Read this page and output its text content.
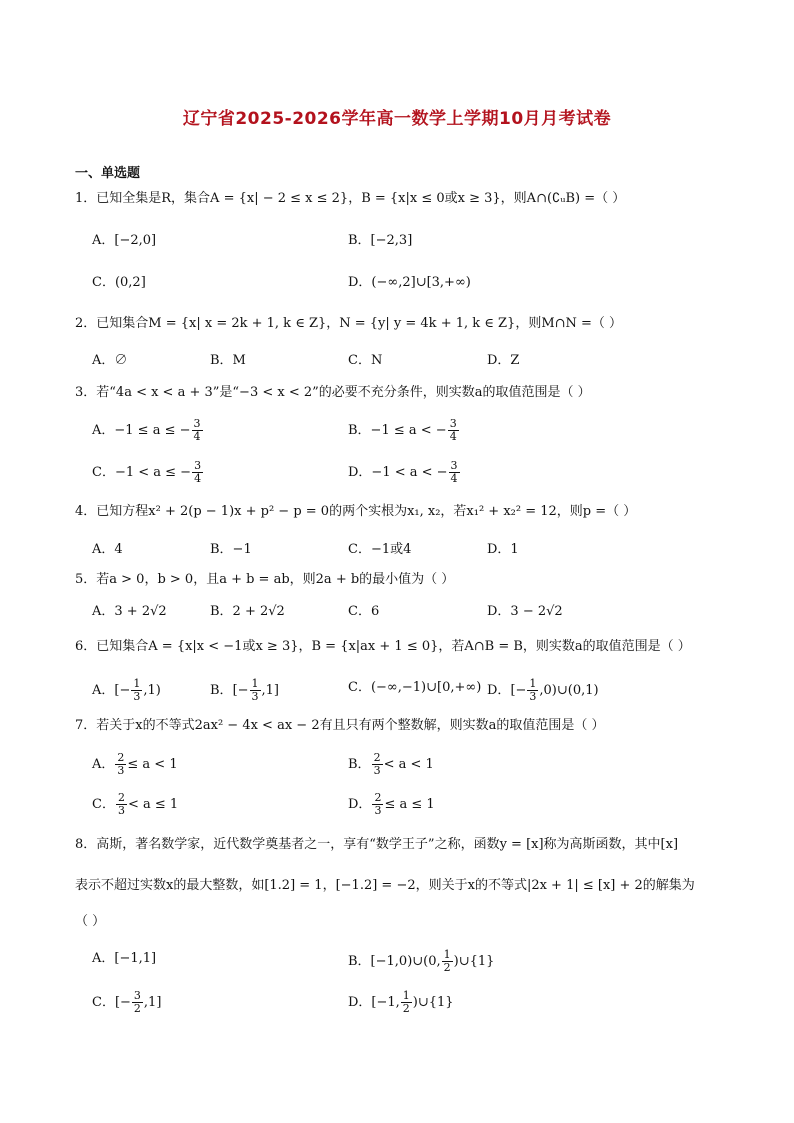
辽宁省2025-2026学年高一数学上学期10月月考试卷
一、单选题
1．已知全集是R，集合A = {x| − 2 ≤ x ≤ 2}，B = {x|x ≤ 0或x ≥ 3}，则A∩(∁ᵤB) =（ ）
A．[−2,0]	B．[−2,3]
C．(0,2]	D．(−∞,2]∪[3,+∞)
2．已知集合M = {x| x = 2k + 1, k ∈ Z}，N = {y| y = 4k + 1, k ∈ Z}，则M∩N =（ ）
A．∅	B．M	C．N	D．Z
3．若“4a < x < a + 3”是“−3 < x < 2”的必要不充分条件，则实数a的取值范围是（ ）
A．−1 ≤ a ≤ − $\frac{3}{4}$	B．−1 ≤ a < − $\frac{3}{4}$
C．−1 < a ≤ − $\frac{3}{4}$	D．−1 < a < − $\frac{3}{4}$
4．已知方程x² + 2(p − 1)x + p² − p = 0的两个实根为x₁, x₂，若x₁² + x₂² = 12，则p =（ ）
A．4	B．−1	C．−1或4	D．1
5．若a > 0，b > 0，且a + b = ab，则2a + b的最小值为（ ）
A．3 + 2√2	B．2 + 2√2	C．6	D．3 − 2√2
6．已知集合A = {x|x < −1或x ≥ 3}，B = {x|ax + 1 ≤ 0}，若A∩B = B，则实数a的取值范围是（ ）
A．[− $\frac{1}{3} ,1$)	B．[− $\frac{1}{3} ,1$]	C．(−∞,−1)∪[0,+∞) D．[− $\frac{1}{3}$ ,0)∪(0,1)
7．若关于x的不等式2ax² − 4x < ax − 2有且只有两个整数解，则实数a的取值范围是（ ）
A． $\frac{2}{3} \le a < 1$	B． $\frac{2}{3} < a < 1$
C． $\frac{2}{3} < a \le 1$	D． $\frac{2}{3} \le a \le 1$
8．高斯，著名数学家，近代数学奠基者之一，享有“数学王子”之称，函数y = [x]称为高斯函数，其中[x]
表示不超过实数x的最大整数，如[1.2] = 1，[−1.2] = −2，则关于x的不等式|2x + 1| ≤ [x] + 2的解集为
（ ）
A．[−1,1]	B．[−1,0)∪(0, $\frac{1}{2}$ )∪{1}
C．[− $\frac{3}{2} ,1$]	D．[−1, $\frac{1}{2}$ )∪{1}
